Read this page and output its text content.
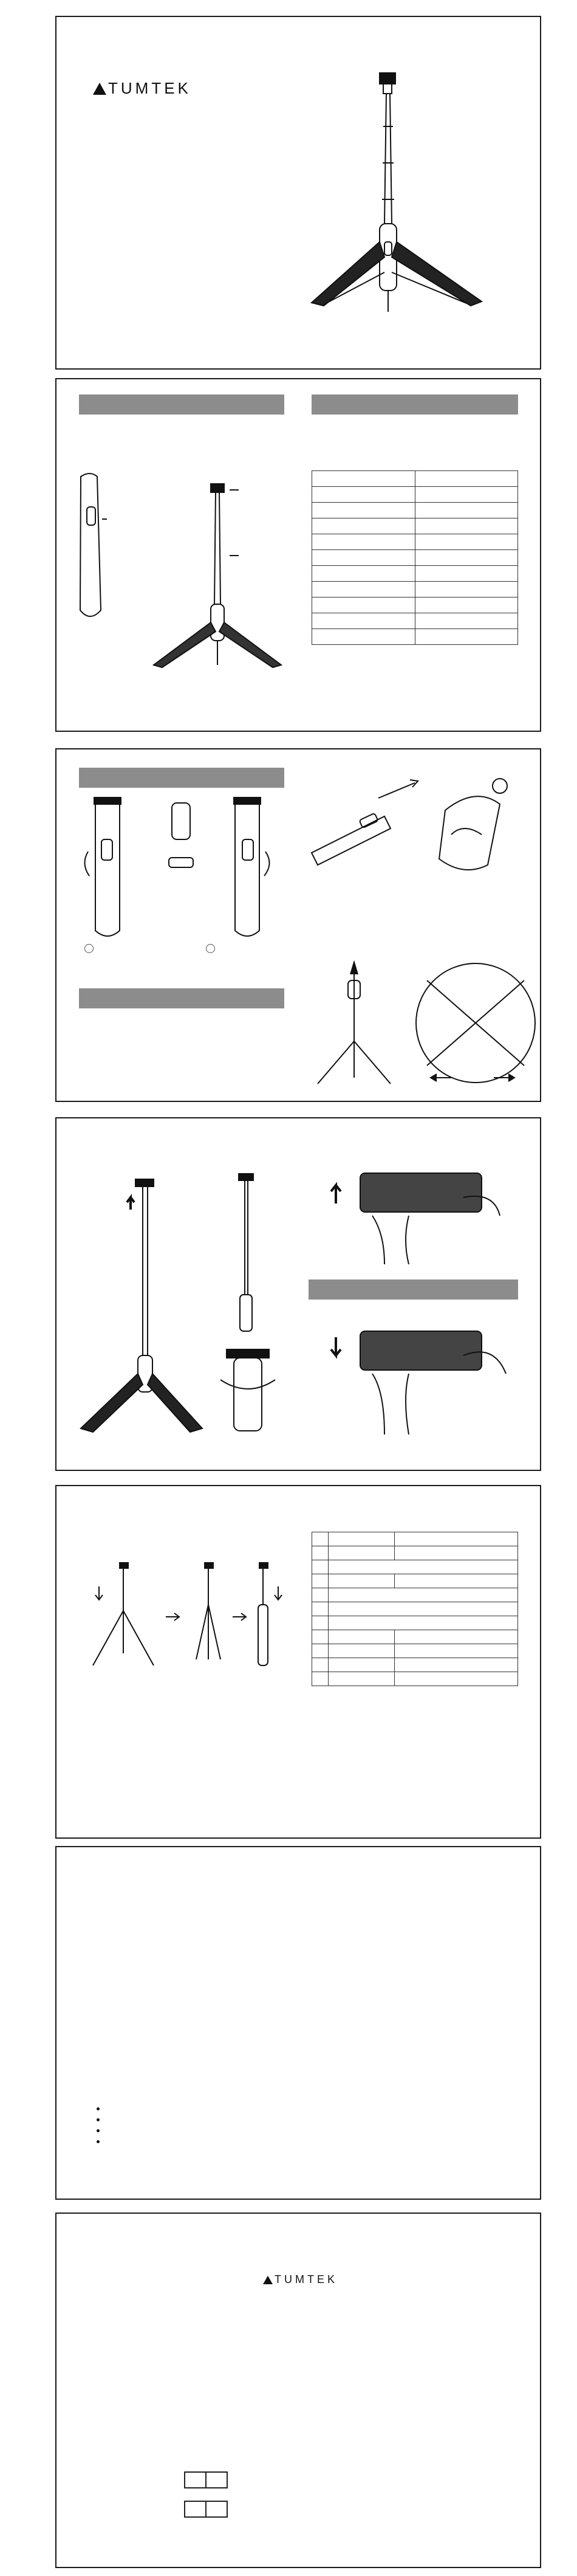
TUMTEK

TUMTEK
